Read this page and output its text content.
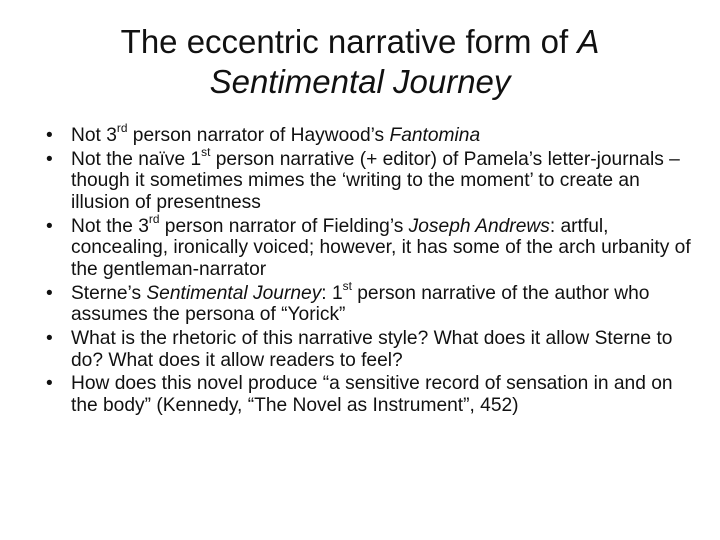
The eccentric narrative form of A Sentimental Journey
• Not 3rd person narrator of Haywood’s Fantomina
• Not the naïve 1st person narrative (+ editor) of Pamela’s letter-journals – though it sometimes mimes the ‘writing to the moment’ to create an illusion of presentness
• Not the 3rd person narrator of Fielding’s Joseph Andrews: artful, concealing, ironically voiced; however, it has some of the arch urbanity of the gentleman-narrator
• Sterne’s Sentimental Journey: 1st person narrative of the author who assumes the persona of “Yorick”
• What is the rhetoric of this narrative style? What does it allow Sterne to do? What does it allow readers to feel?
• How does this novel produce “a sensitive record of sensation in and on the body” (Kennedy, “The Novel as Instrument”, 452)
